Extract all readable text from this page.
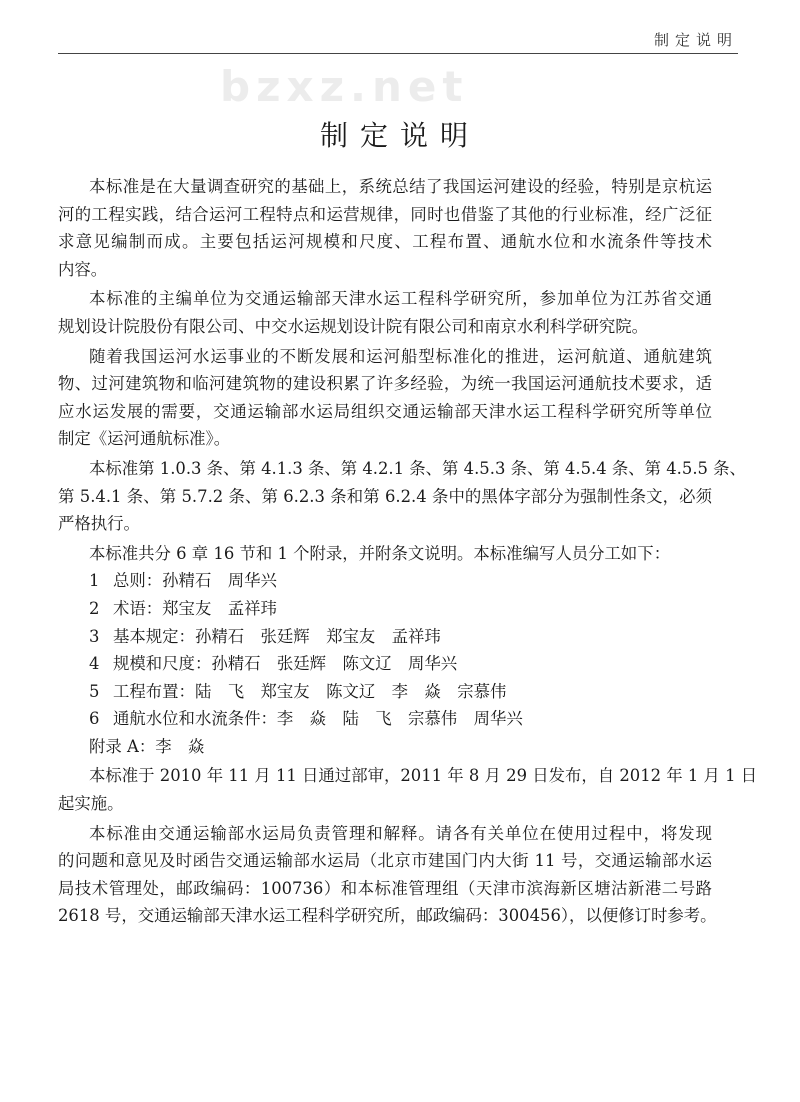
制定说明
bzxz.net
制定说明
本标准是在大量调查研究的基础上，系统总结了我国运河建设的经验，特别是京杭运
河的工程实践，结合运河工程特点和运营规律，同时也借鉴了其他的行业标准，经广泛征
求意见编制而成。主要包括运河规模和尺度、工程布置、通航水位和水流条件等技术
内容。
本标准的主编单位为交通运输部天津水运工程科学研究所，参加单位为江苏省交通
规划设计院股份有限公司、中交水运规划设计院有限公司和南京水利科学研究院。
随着我国运河水运事业的不断发展和运河船型标准化的推进，运河航道、通航建筑
物、过河建筑物和临河建筑物的建设积累了许多经验，为统一我国运河通航技术要求，适
应水运发展的需要，交通运输部水运局组织交通运输部天津水运工程科学研究所等单位
制定《运河通航标准》。
本标准第 1.0.3 条、第 4.1.3 条、第 4.2.1 条、第 4.5.3 条、第 4.5.4 条、第 4.5.5 条、
第 5.4.1 条、第 5.7.2 条、第 6.2.3 条和第 6.2.4 条中的黑体字部分为强制性条文，必须
严格执行。
本标准共分 6 章 16 节和 1 个附录，并附条文说明。本标准编写人员分工如下：
1 总则：孙精石　周华兴
2 术语：郑宝友　孟祥玮
3 基本规定：孙精石　张廷辉　郑宝友　孟祥玮
4 规模和尺度：孙精石　张廷辉　陈文辽　周华兴
5 工程布置：陆　飞　郑宝友　陈文辽　李　焱　宗慕伟
6 通航水位和水流条件：李　焱　陆　飞　宗慕伟　周华兴
附录 A：李　焱
本标准于 2010 年 11 月 11 日通过部审，2011 年 8 月 29 日发布，自 2012 年 1 月 1 日
起实施。
本标准由交通运输部水运局负责管理和解释。请各有关单位在使用过程中，将发现
的问题和意见及时函告交通运输部水运局（北京市建国门内大街 11 号，交通运输部水运
局技术管理处，邮政编码：100736）和本标准管理组（天津市滨海新区塘沽新港二号路
2618 号，交通运输部天津水运工程科学研究所，邮政编码：300456），以便修订时参考。
